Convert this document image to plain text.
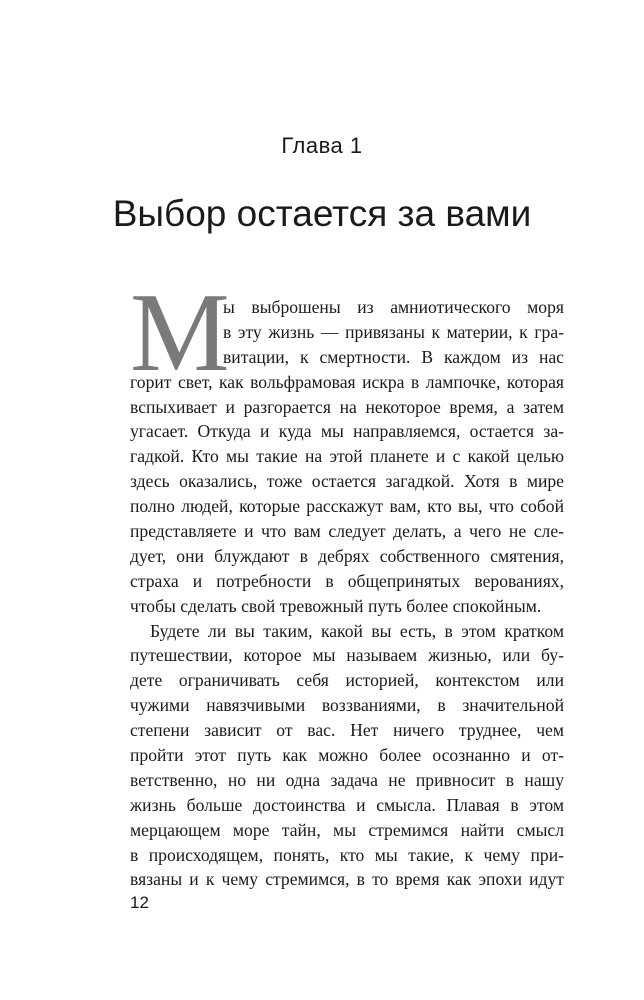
Глава 1
Выбор остается за вами
М
ы выброшены из амниотического моря
в эту жизнь — привязаны к материи, к гра-
витации, к смертности. В каждом из нас
горит свет, как вольфрамовая искра в лампочке, которая
вспыхивает и разгорается на некоторое время, а затем
угасает. Откуда и куда мы направляемся, остается за-
гадкой. Кто мы такие на этой планете и с какой целью
здесь оказались, тоже остается загадкой. Хотя в мире
полно людей, которые расскажут вам, кто вы, что собой
представляете и что вам следует делать, а чего не сле-
дует, они блуждают в дебрях собственного смятения,
страха и потребности в общепринятых верованиях,
чтобы сделать свой тревожный путь более спокойным.
Будете ли вы таким, какой вы есть, в этом кратком
путешествии, которое мы называем жизнью, или бу-
дете ограничивать себя историей, контекстом или
чужими навязчивыми воззваниями, в значительной
степени зависит от вас. Нет ничего труднее, чем
пройти этот путь как можно более осознанно и от-
ветственно, но ни одна задача не привносит в нашу
жизнь больше достоинства и смысла. Плавая в этом
мерцающем море тайн, мы стремимся найти смысл
в происходящем, понять, кто мы такие, к чему при-
вязаны и к чему стремимся, в то время как эпохи идут
12
